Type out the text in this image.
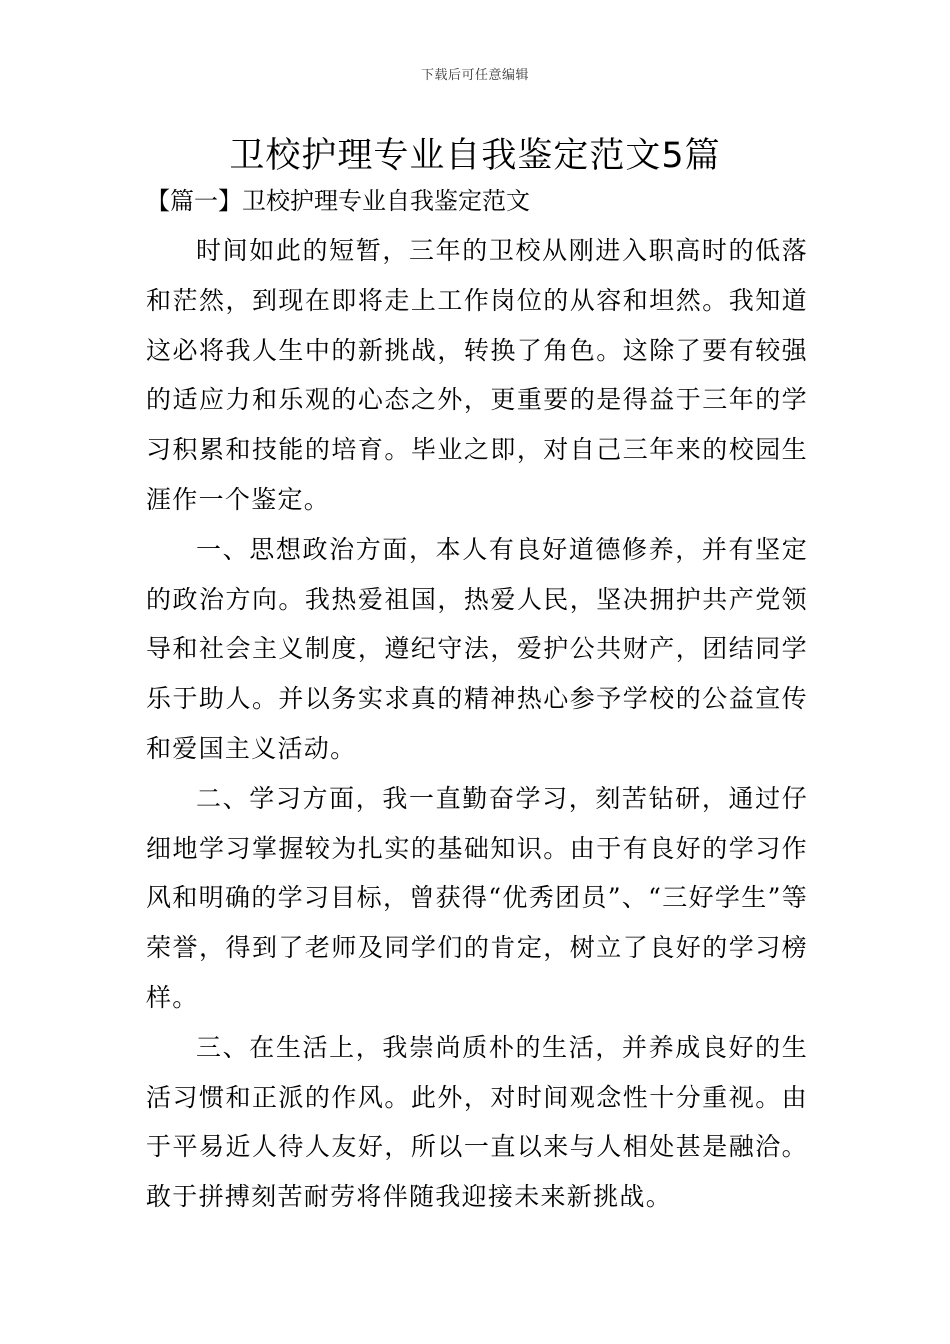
下载后可任意编辑
卫校护理专业自我鉴定范文5篇
【篇一】卫校护理专业自我鉴定范文

时间如此的短暂，三年的卫校从刚进入职高时的低落和茫然，到现在即将走上工作岗位的从容和坦然。我知道这必将我人生中的新挑战，转换了角色。这除了要有较强的适应力和乐观的心态之外，更重要的是得益于三年的学习积累和技能的培育。毕业之即，对自己三年来的校园生涯作一个鉴定。

一、思想政治方面，本人有良好道德修养，并有坚定的政治方向。我热爱祖国，热爱人民，坚决拥护共产党领导和社会主义制度，遵纪守法，爱护公共财产，团结同学乐于助人。并以务实求真的精神热心参予学校的公益宣传和爱国主义活动。

二、学习方面，我一直勤奋学习，刻苦钻研，通过仔细地学习掌握较为扎实的基础知识。由于有良好的学习作风和明确的学习目标，曾获得“优秀团员”、“三好学生”等荣誉，得到了老师及同学们的肯定，树立了良好的学习榜样。

三、在生活上，我崇尚质朴的生活，并养成良好的生活习惯和正派的作风。此外，对时间观念性十分重视。由于平易近人待人友好，所以一直以来与人相处甚是融洽。敢于拼搏刻苦耐劳将伴随我迎接未来新挑战。
